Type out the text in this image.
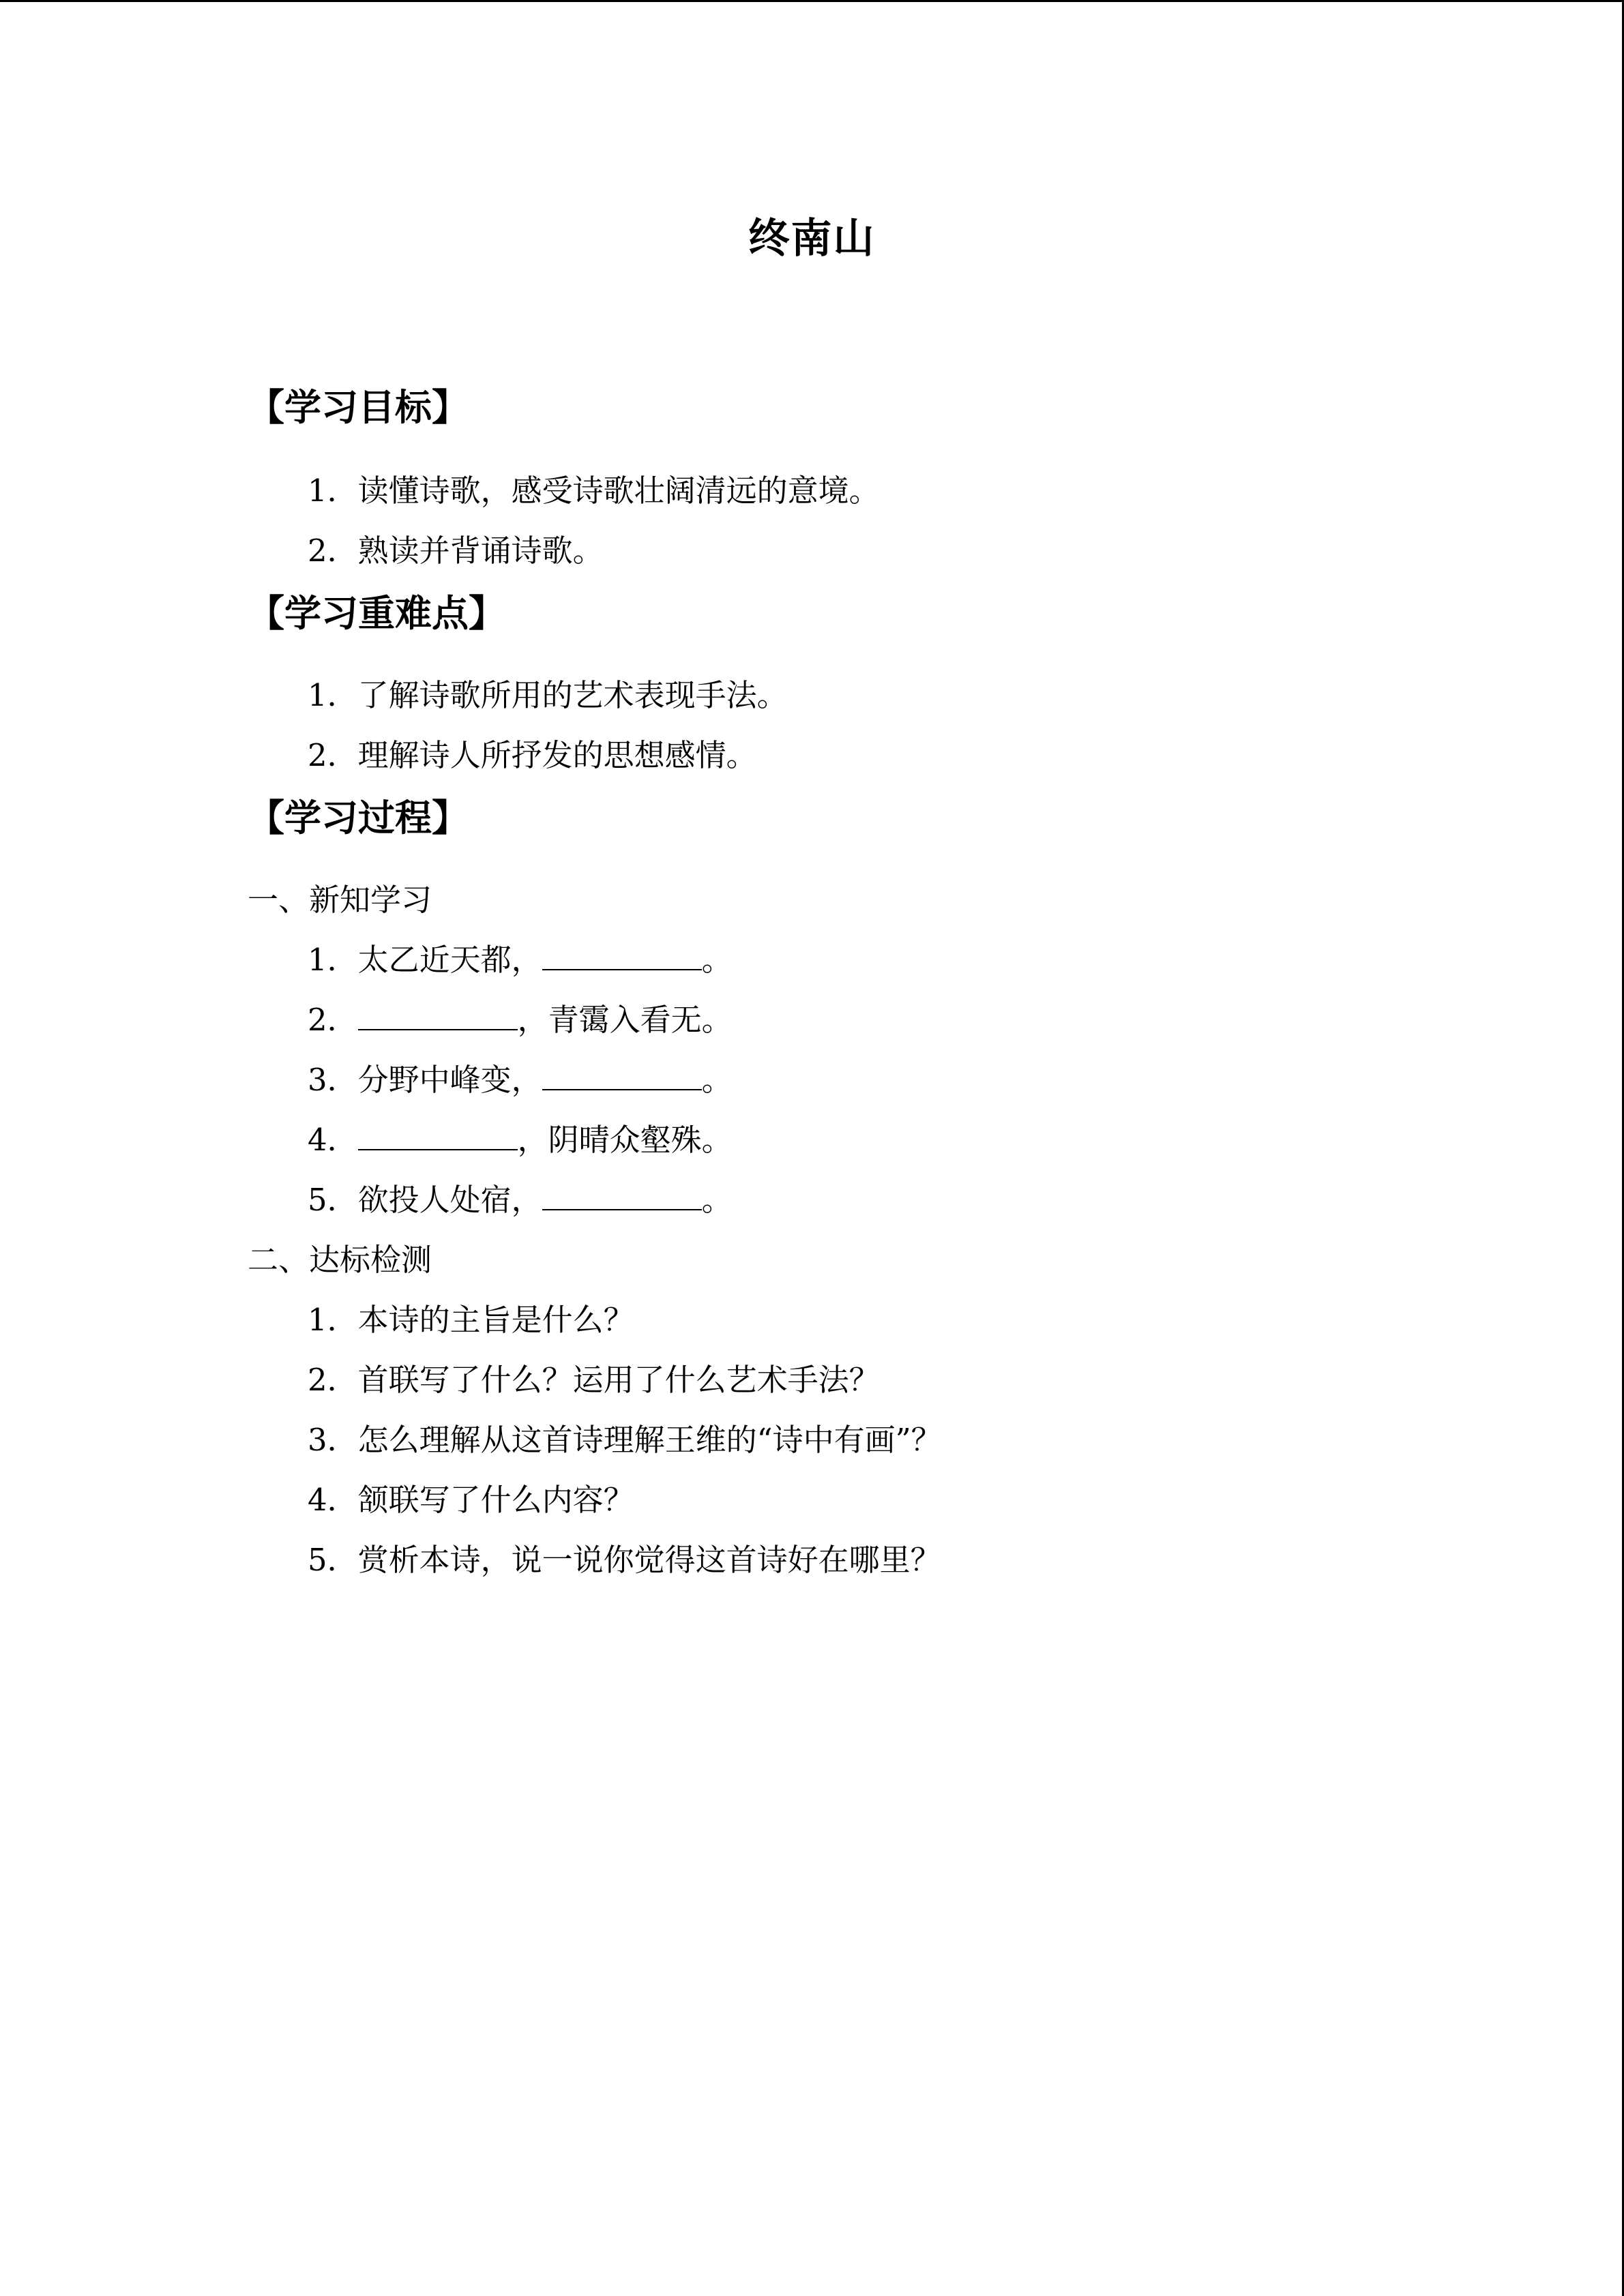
终南山
【学习目标】
1．读懂诗歌，感受诗歌壮阔清远的意境。
2．熟读并背诵诗歌。
【学习重难点】
1．了解诗歌所用的艺术表现手法。
2．理解诗人所抒发的思想感情。
【学习过程】
一、新知学习
1．太乙近天都，	。
2．	，青霭入看无。
3．分野中峰变，	。
4．	，阴晴众壑殊。
5．欲投人处宿，	。
二、达标检测
1．本诗的主旨是什么？
2．首联写了什么？运用了什么艺术手法？
3．怎么理解从这首诗理解王维的“诗中有画”？
4．颔联写了什么内容？
5．赏析本诗，说一说你觉得这首诗好在哪里？
